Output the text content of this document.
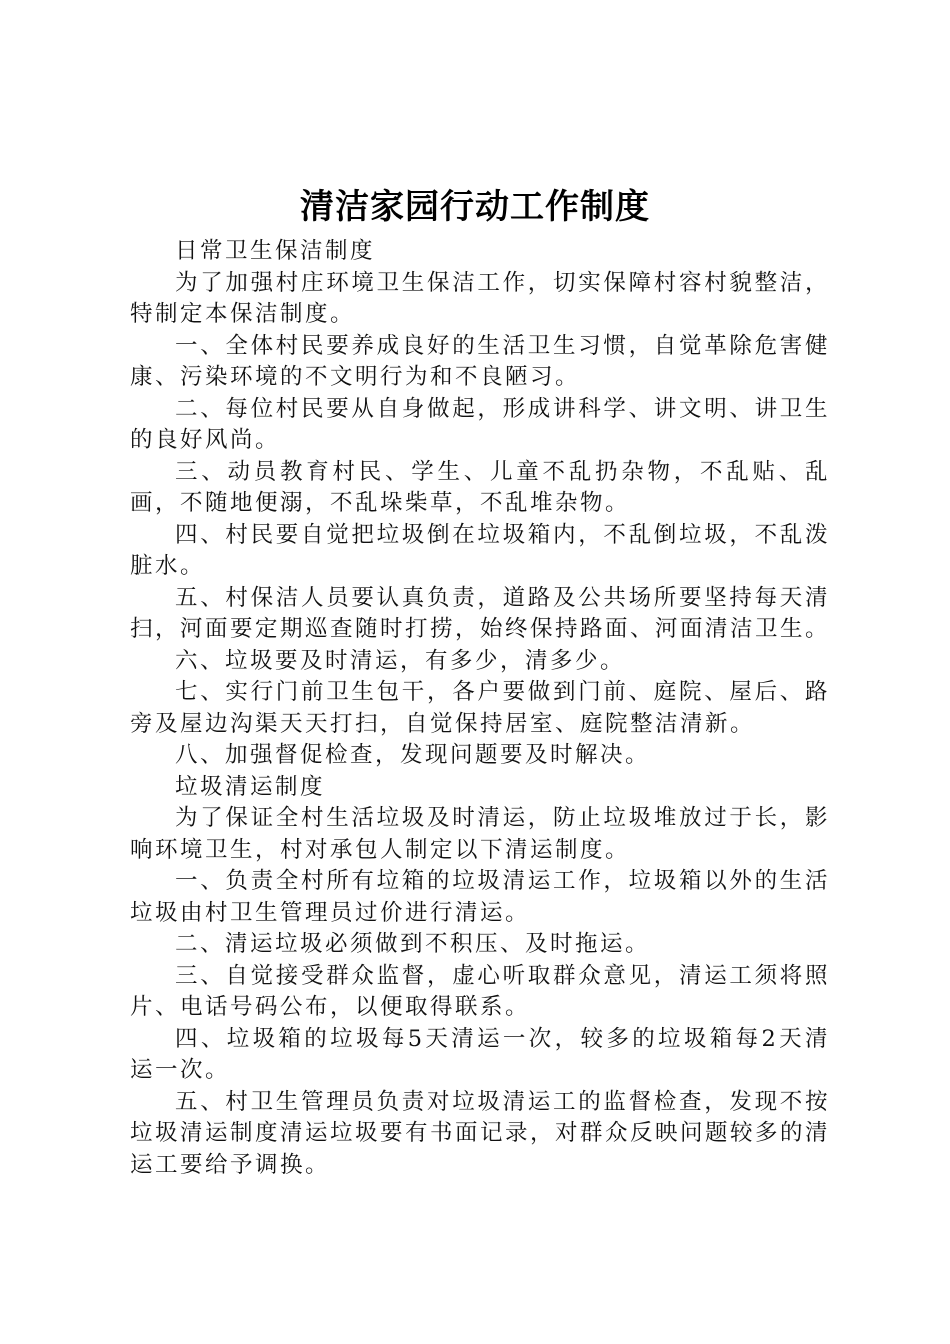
清洁家园行动工作制度

日常卫生保洁制度

为了加强村庄环境卫生保洁工作，切实保障村容村貌整洁，特制定本保洁制度。

一、全体村民要养成良好的生活卫生习惯，自觉革除危害健康、污染环境的不文明行为和不良陋习。

二、每位村民要从自身做起，形成讲科学、讲文明、讲卫生的良好风尚。

三、动员教育村民、学生、儿童不乱扔杂物，不乱贴、乱画，不随地便溺，不乱垛柴草，不乱堆杂物。

四、村民要自觉把垃圾倒在垃圾箱内，不乱倒垃圾，不乱泼脏水。

五、村保洁人员要认真负责，道路及公共场所要坚持每天清扫，河面要定期巡查随时打捞，始终保持路面、河面清洁卫生。

六、垃圾要及时清运，有多少，清多少。

七、实行门前卫生包干，各户要做到门前、庭院、屋后、路旁及屋边沟渠天天打扫，自觉保持居室、庭院整洁清新。

八、加强督促检查，发现问题要及时解决。

垃圾清运制度

为了保证全村生活垃圾及时清运，防止垃圾堆放过于长，影响环境卫生，村对承包人制定以下清运制度。

一、负责全村所有垃箱的垃圾清运工作，垃圾箱以外的生活垃圾由村卫生管理员过价进行清运。

二、清运垃圾必须做到不积压、及时拖运。

三、自觉接受群众监督，虚心听取群众意见，清运工须将照片、电话号码公布，以便取得联系。

四、垃圾箱的垃圾每5天清运一次，较多的垃圾箱每2天清运一次。

五、村卫生管理员负责对垃圾清运工的监督检查，发现不按垃圾清运制度清运垃圾要有书面记录，对群众反映问题较多的清运工要给予调换。
